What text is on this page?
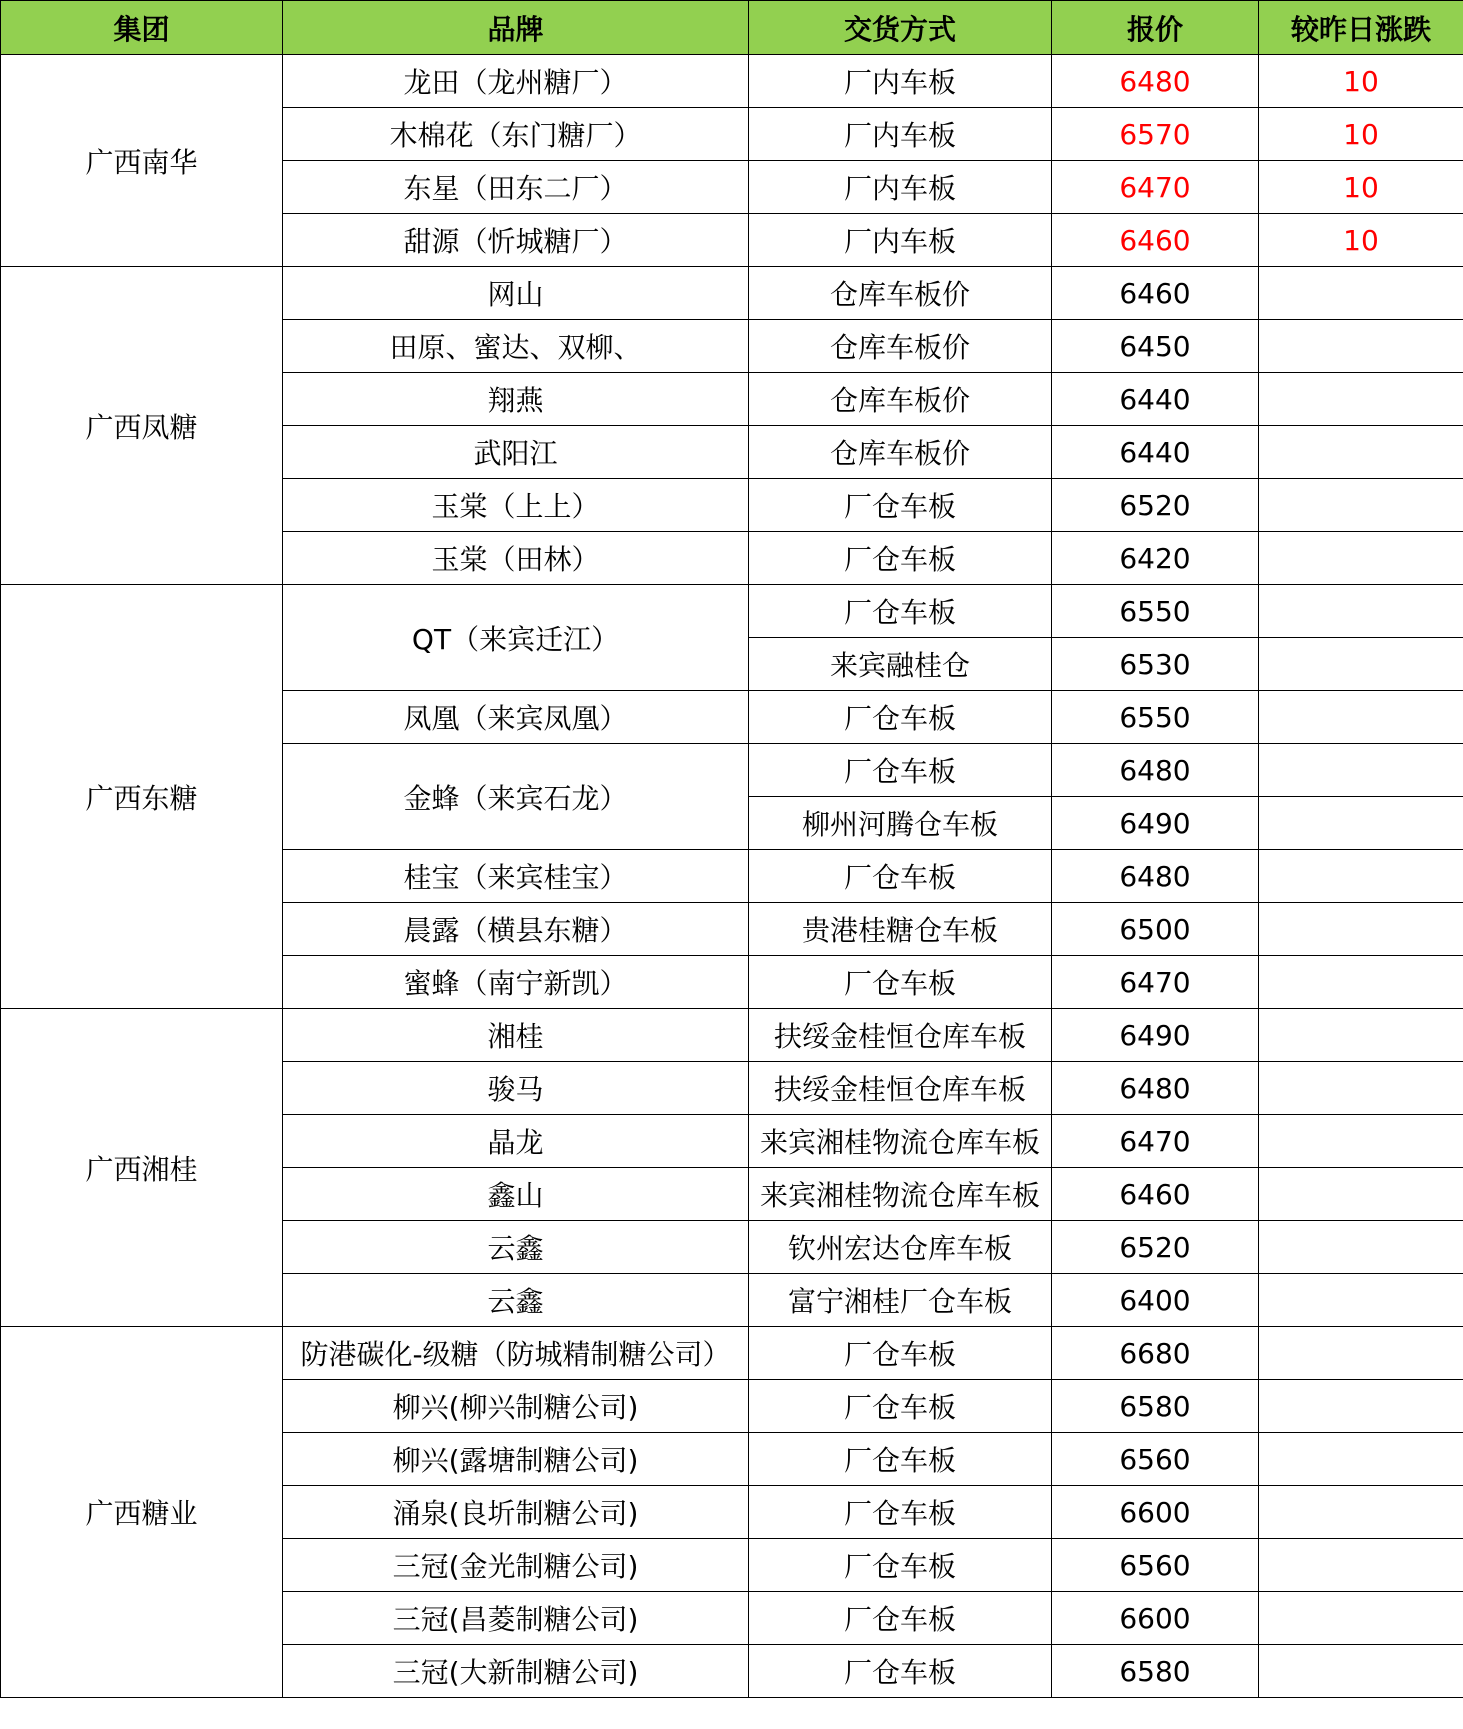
集团	品牌	交货方式	报价	较昨日涨跌
广西南华	龙田（龙州糖厂）	厂内车板	6480	10
	木棉花（东门糖厂）	厂内车板	6570	10
	东星（田东二厂）	厂内车板	6470	10
	甜源（忻城糖厂）	厂内车板	6460	10
广西凤糖	网山	仓库车板价	6460	
	田原、蜜达、双柳、	仓库车板价	6450	
	翔燕	仓库车板价	6440	
	武阳江	仓库车板价	6440	
	玉棠（上上）	厂仓车板	6520	
	玉棠（田林）	厂仓车板	6420	
广西东糖	QT（来宾迁江）	厂仓车板	6550	
		来宾融桂仓	6530	
	凤凰（来宾凤凰）	厂仓车板	6550	
	金蜂（来宾石龙）	厂仓车板	6480	
		柳州河腾仓车板	6490	
	桂宝（来宾桂宝）	厂仓车板	6480	
	晨露（横县东糖）	贵港桂糖仓车板	6500	
	蜜蜂（南宁新凯）	厂仓车板	6470	
广西湘桂	湘桂	扶绥金桂恒仓库车板	6490	
	骏马	扶绥金桂恒仓库车板	6480	
	晶龙	来宾湘桂物流仓库车板	6470	
	鑫山	来宾湘桂物流仓库车板	6460	
	云鑫	钦州宏达仓库车板	6520	
	云鑫	富宁湘桂厂仓车板	6400	
广西糖业	防港碳化-级糖（防城精制糖公司）	厂仓车板	6680	
	柳兴(柳兴制糖公司)	厂仓车板	6580	
	柳兴(露塘制糖公司)	厂仓车板	6560	
	涌泉(良圻制糖公司)	厂仓车板	6600	
	三冠(金光制糖公司)	厂仓车板	6560	
	三冠(昌菱制糖公司)	厂仓车板	6600	
	三冠(大新制糖公司)	厂仓车板	6580	
